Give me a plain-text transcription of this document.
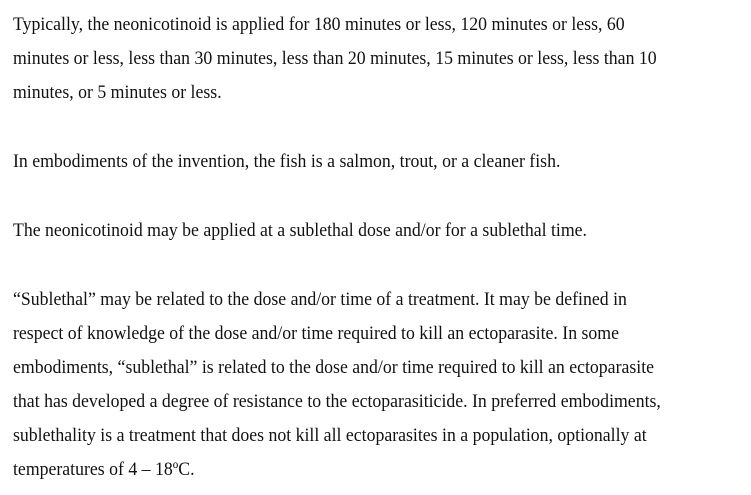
Typically, the neonicotinoid is applied for 180 minutes or less, 120 minutes or less, 60
minutes or less, less than 30 minutes, less than 20 minutes, 15 minutes or less, less than 10
minutes, or 5 minutes or less.
In embodiments of the invention, the fish is a salmon, trout, or a cleaner fish.
The neonicotinoid may be applied at a sublethal dose and/or for a sublethal time.
“Sublethal” may be related to the dose and/or time of a treatment. It may be defined in
respect of knowledge of the dose and/or time required to kill an ectoparasite. In some
embodiments, “sublethal” is related to the dose and/or time required to kill an ectoparasite
that has developed a degree of resistance to the ectoparasiticide. In preferred embodiments,
sublethality is a treatment that does not kill all ectoparasites in a population, optionally at
temperatures of 4 – 18ºC.
